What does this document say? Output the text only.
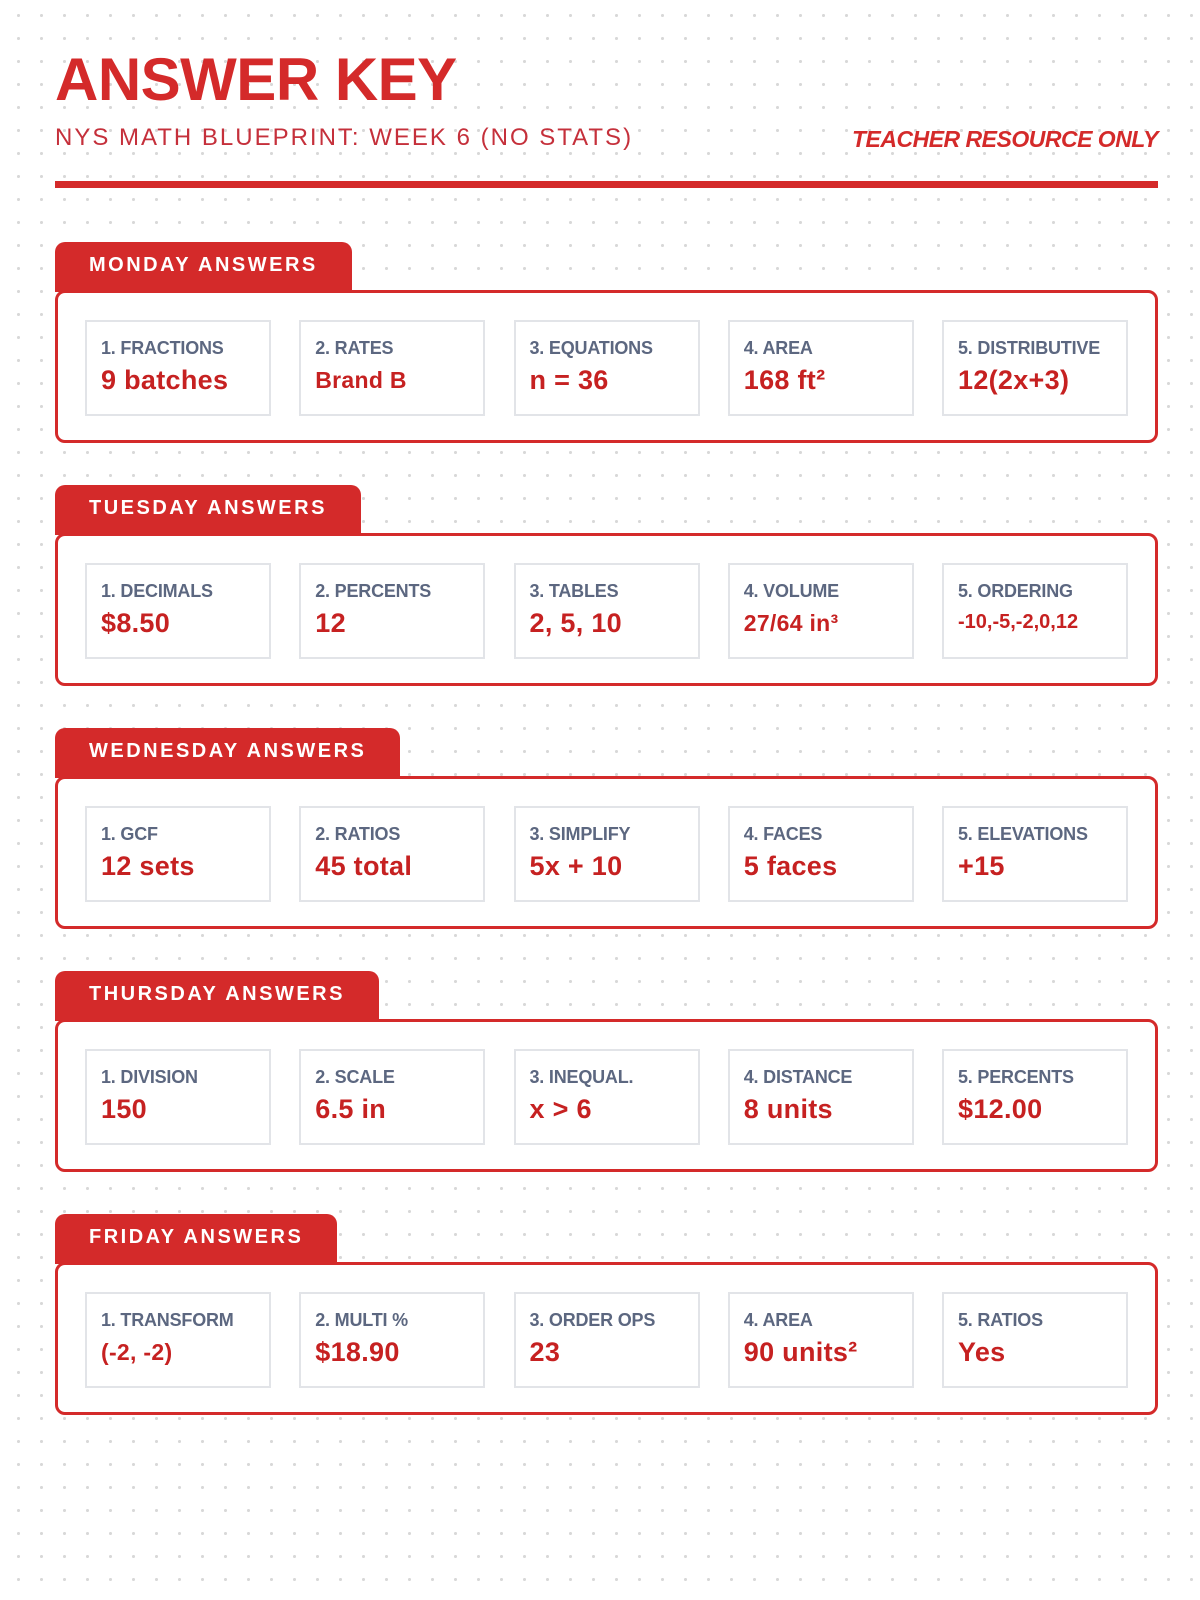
ANSWER KEY
NYS MATH BLUEPRINT: WEEK 6 (NO STATS)	TEACHER RESOURCE ONLY
MONDAY ANSWERS
1. FRACTIONS
9 batches
2. RATES
Brand B
3. EQUATIONS
n = 36
4. AREA
168 ft²
5. DISTRIBUTIVE
12(2x+3)
TUESDAY ANSWERS
1. DECIMALS
$8.50
2. PERCENTS
12
3. TABLES
2, 5, 10
4. VOLUME
27/64 in³
5. ORDERING
-10,-5,-2,0,12
WEDNESDAY ANSWERS
1. GCF
12 sets
2. RATIOS
45 total
3. SIMPLIFY
5x + 10
4. FACES
5 faces
5. ELEVATIONS
+15
THURSDAY ANSWERS
1. DIVISION
150
2. SCALE
6.5 in
3. INEQUAL.
x > 6
4. DISTANCE
8 units
5. PERCENTS
$12.00
FRIDAY ANSWERS
1. TRANSFORM
(-2, -2)
2. MULTI %
$18.90
3. ORDER OPS
23
4. AREA
90 units²
5. RATIOS
Yes
